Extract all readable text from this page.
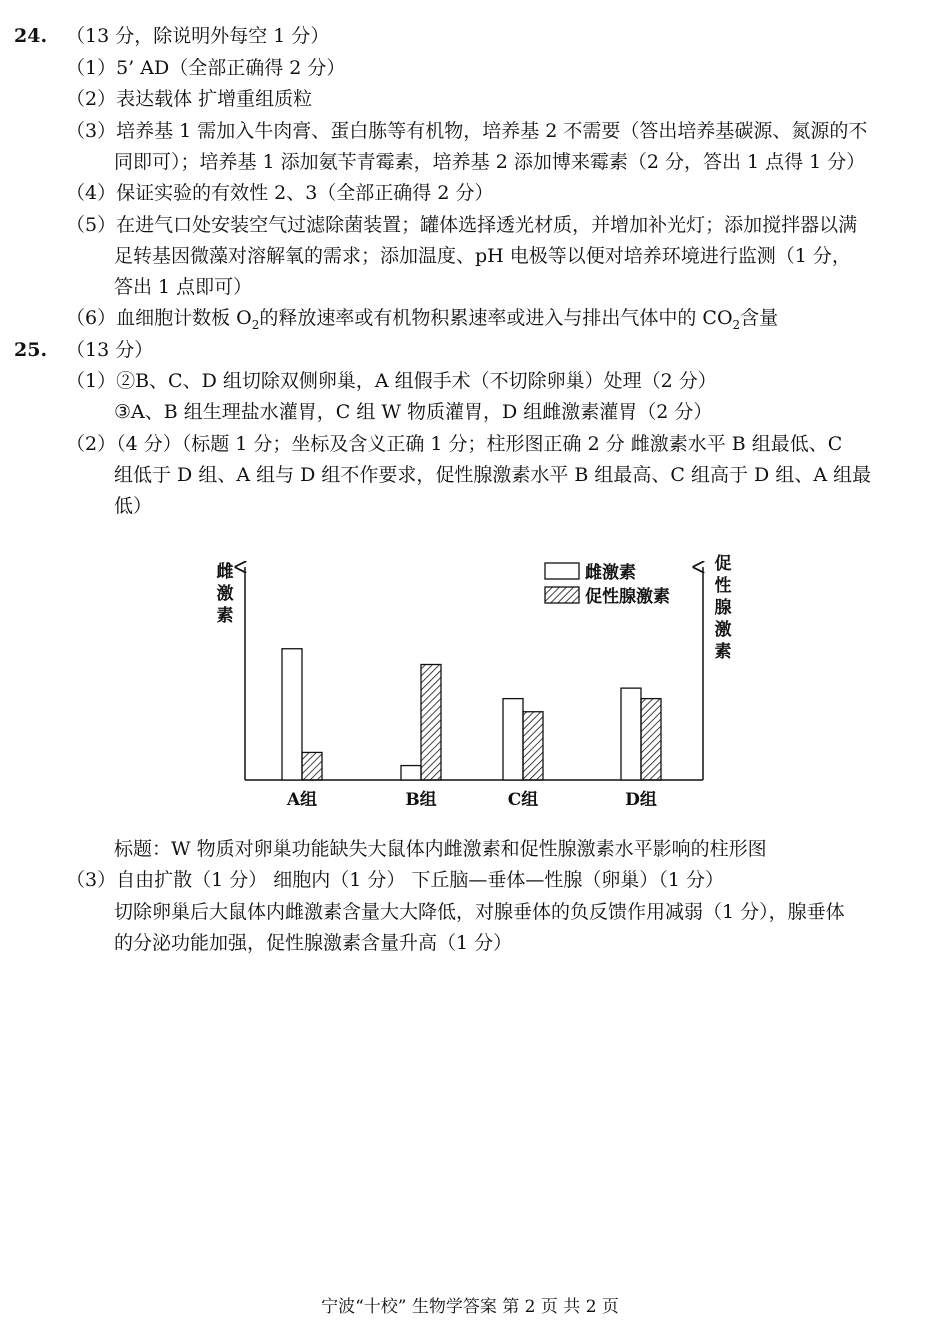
24. （13 分，除说明外每空 1 分）
（1）5’ AD（全部正确得 2 分）
（2）表达载体 扩增重组质粒
（3）培养基 1 需加入牛肉膏、蛋白胨等有机物，培养基 2 不需要（答出培养基碳源、氮源的不
同即可）；培养基 1 添加氨苄青霉素，培养基 2 添加博来霉素（2 分，答出 1 点得 1 分）
（4）保证实验的有效性 2、3（全部正确得 2 分）
（5）在进气口处安装空气过滤除菌装置；罐体选择透光材质，并增加补光灯；添加搅拌器以满
足转基因微藻对溶解氧的需求；添加温度、pH 电极等以便对培养环境进行监测（1 分，
答出 1 点即可）
（6）血细胞计数板 $O_2$的释放速率或有机物积累速率或进入与排出气体中的 $CO_2$含量
25. （13 分）
（1）②B、C、D 组切除双侧卵巢，A 组假手术（不切除卵巢）处理（2 分）
③A、B 组生理盐水灌胃，C 组 W 物质灌胃，D 组雌激素灌胃（2 分）
（2）（4 分）（标题 1 分；坐标及含义正确 1 分；柱形图正确 2 分 雌激素水平 B 组最低、C
组低于 D 组、A 组与 D 组不作要求，促性腺激素水平 B 组最高、C 组高于 D 组、A 组最
低）
雌
激
素
促
性
腺
激
素
雌激素
促性腺激素
A组	B组	C组	D组
标题：W 物质对卵巢功能缺失大鼠体内雌激素和促性腺激素水平影响的柱形图
（3）自由扩散（1 分） 细胞内（1 分） 下丘脑—垂体—性腺（卵巢）（1 分）
切除卵巢后大鼠体内雌激素含量大大降低，对腺垂体的负反馈作用减弱（1 分），腺垂体
的分泌功能加强，促性腺激素含量升高（1 分）
宁波“十校” 生物学答案 第 2 页 共 2 页
